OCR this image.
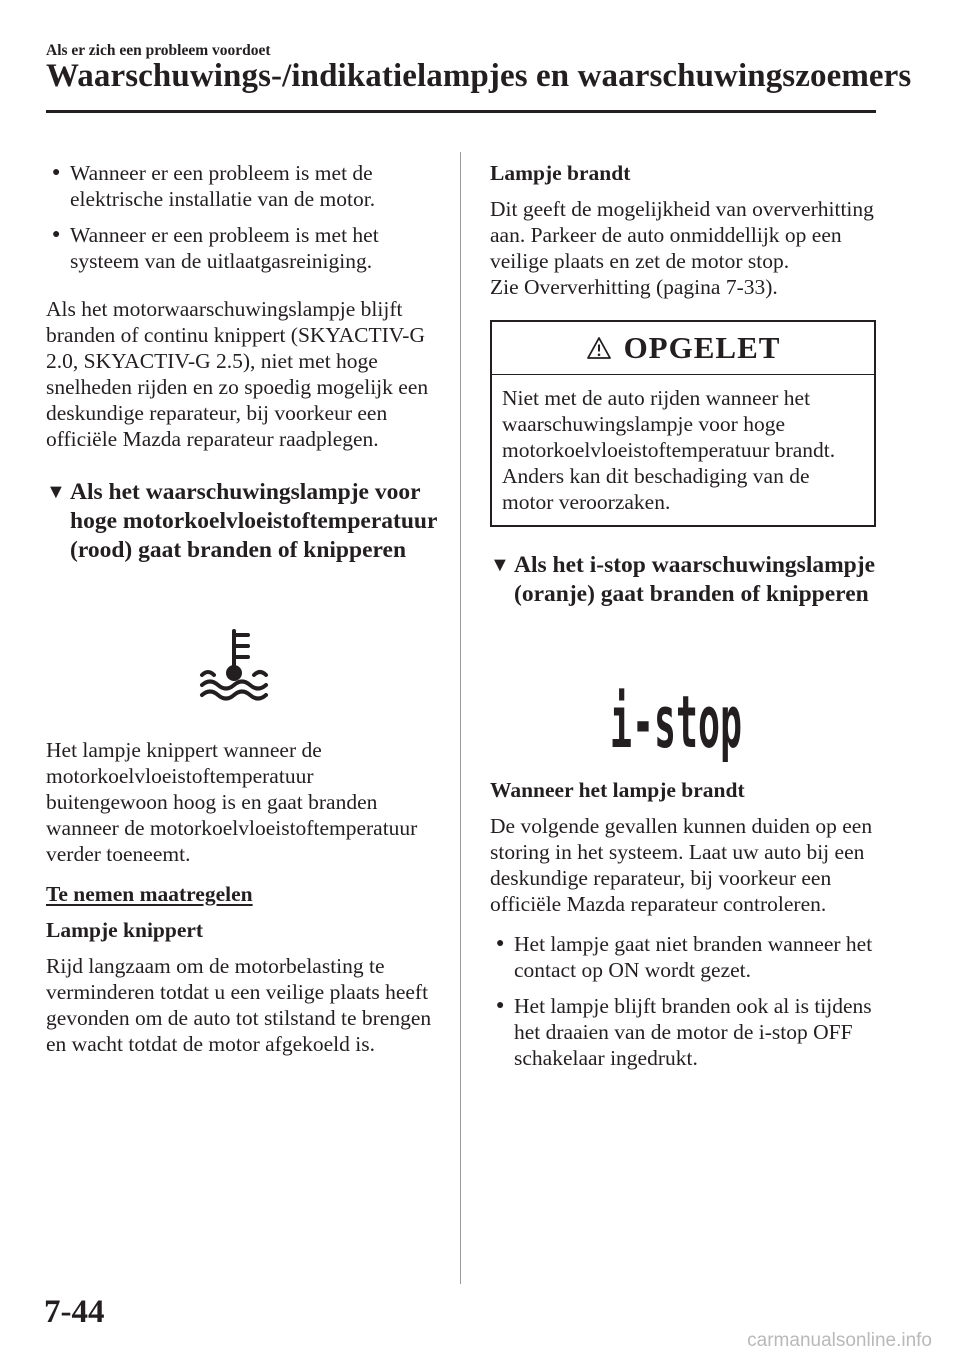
Als er zich een probleem voordoet
Waarschuwings-/indikatielampjes en waarschuwingszoemers
● Wanneer er een probleem is met de elektrische installatie van de motor.
● Wanneer er een probleem is met het systeem van de uitlaatgasreiniging.

Als het motorwaarschuwingslampje blijft branden of continu knippert (SKYACTIV-G 2.0, SKYACTIV-G 2.5), niet met hoge snelheden rijden en zo spoedig mogelijk een deskundige reparateur, bij voorkeur een officiële Mazda reparateur raadplegen.

▼ Als het waarschuwingslampje voor hoge motorkoelvloeistoftemperatuur (rood) gaat branden of knipperen

Het lampje knippert wanneer de motorkoelvloeistoftemperatuur buitengewoon hoog is en gaat branden wanneer de motorkoelvloeistoftemperatuur verder toeneemt.

Te nemen maatregelen

Lampje knippert

Rijd langzaam om de motorbelasting te verminderen totdat u een veilige plaats heeft gevonden om de auto tot stilstand te brengen en wacht totdat de motor afgekoeld is.

Lampje brandt

Dit geeft de mogelijkheid van oververhitting aan. Parkeer de auto onmiddellijk op een veilige plaats en zet de motor stop.

Zie Oververhitting (pagina 7-33).

OPGELET
Niet met de auto rijden wanneer het waarschuwingslampje voor hoge motorkoelvloeistoftemperatuur brandt. Anders kan dit beschadiging van de motor veroorzaken.
▼ Als het i-stop waarschuwingslampje (oranje) gaat branden of knipperen
i-stop

Wanneer het lampje brandt

De volgende gevallen kunnen duiden op een storing in het systeem. Laat uw auto bij een deskundige reparateur, bij voorkeur een officiële Mazda reparateur controleren.

● Het lampje gaat niet branden wanneer het contact op ON wordt gezet.
● Het lampje blijft branden ook al is tijdens het draaien van de motor de i-stop OFF schakelaar ingedrukt.
7-44
carmanualsonline.info
